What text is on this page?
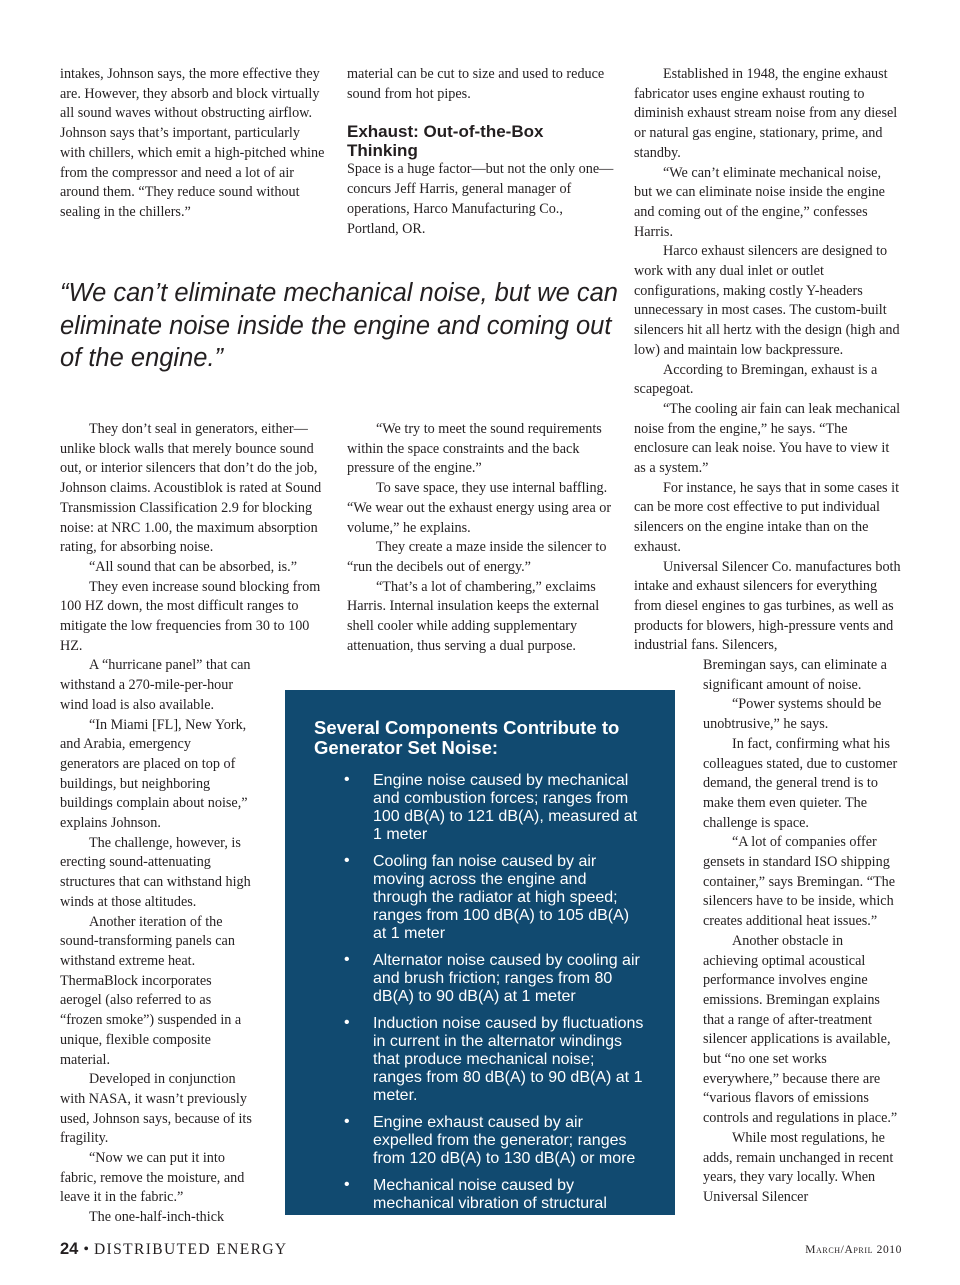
intakes, Johnson says, the more effective they are. However, they absorb and block virtually all sound waves without obstructing airflow. Johnson says that’s important, particularly with chillers, which emit a high-pitched whine from the compressor and need a lot of air around them. “They reduce sound without sealing in the chillers.”

material can be cut to size and used to reduce sound from hot pipes.

Exhaust: Out-of-the-Box Thinking

Space is a huge factor—but not the only one—concurs Jeff Harris, general manager of operations, Harco Manufacturing Co., Portland, OR.

“We can’t eliminate mechanical noise, but we can eliminate noise inside the engine and coming out of the engine.”

They don’t seal in generators, either—unlike block walls that merely bounce sound out, or interior silencers that don’t do the job, Johnson claims. Acoustiblok is rated at Sound Transmission Classification 2.9 for blocking noise: at NRC 1.00, the maximum absorption rating, for absorbing noise.

“All sound that can be absorbed, is.”

They even increase sound blocking from 100 HZ down, the most difficult ranges to mitigate the low frequencies from 30 to 100 HZ.

A “hurricane panel” that can withstand a 270-mile-per-hour wind load is also available.

“In Miami [FL], New York, and Arabia, emergency generators are placed on top of buildings, but neighboring buildings complain about noise,” explains Johnson.

The challenge, however, is erecting sound-attenuating structures that can withstand high winds at those altitudes.

Another iteration of the sound-transforming panels can withstand extreme heat. ThermaBlock incorporates aerogel (also referred to as “frozen smoke”) suspended in a unique, flexible composite material.

Developed in conjunction with NASA, it wasn’t previously used, Johnson says, because of its fragility.

“Now we can put it into fabric, remove the moisture, and leave it in the fabric.”

The one-half-inch-thick

“We try to meet the sound requirements within the space constraints and the back pressure of the engine.”

To save space, they use internal baffling. “We wear out the exhaust energy using area or volume,” he explains.

They create a maze inside the silencer to “run the decibels out of energy.”

“That’s a lot of chambering,” exclaims Harris. Internal insulation keeps the external shell cooler while adding supplementary attenuation, thus serving a dual purpose.

Established in 1948, the engine exhaust fabricator uses engine exhaust routing to diminish exhaust stream noise from any diesel or natural gas engine, stationary, prime, and standby.

“We can’t eliminate mechanical noise, but we can eliminate noise inside the engine and coming out of the engine,” confesses Harris.

Harco exhaust silencers are designed to work with any dual inlet or outlet configurations, making costly Y-headers unnecessary in most cases. The custom-built silencers hit all hertz with the design (high and low) and maintain low backpressure.

According to Bremingan, exhaust is a scapegoat.

“The cooling air fain can leak mechanical noise from the engine,” he says. “The enclosure can leak noise. You have to view it as a system.”

For instance, he says that in some cases it can be more cost effective to put individual silencers on the engine intake than on the exhaust.

Universal Silencer Co. manufactures both intake and exhaust silencers for everything from diesel engines to gas turbines, as well as products for blowers, high-pressure vents and industrial fans. Silencers,

Bremingan says, can eliminate a significant amount of noise.

“Power systems should be unobtrusive,” he says.

In fact, confirming what his colleagues stated, due to customer demand, the general trend is to make them even quieter. The challenge is space.

“A lot of companies offer gensets in standard ISO shipping container,” says Bremingan. “The silencers have to be inside, which creates additional heat issues.”

Another obstacle in achieving optimal acoustical performance involves engine emissions. Bremingan explains that a range of after-treatment silencer applications is available, but “no one set works everywhere,” because there are “various flavors of emissions controls and regulations in place.”

While most regulations, he adds, remain unchanged in recent years, they vary locally. When Universal Silencer

Several Components Contribute to Generator Set Noise:
• Engine noise caused by mechanical and combustion forces; ranges from 100 dB(A) to 121 dB(A), measured at 1 meter
• Cooling fan noise caused by air moving across the engine and through the radiator at high speed; ranges from 100 dB(A) to 105 dB(A) at 1 meter
• Alternator noise caused by cooling air and brush friction; ranges from 80 dB(A) to 90 dB(A) at 1 meter
• Induction noise caused by fluctuations in current in the alternator windings that produce mechanical noise; ranges from 80 dB(A) to 90 dB(A) at 1 meter.
• Engine exhaust caused by air expelled from the generator; ranges from 120 dB(A) to 130 dB(A) or more
• Mechanical noise caused by mechanical vibration of structural components
24 • DISTRIBUTED ENERGY	March/April 2010
